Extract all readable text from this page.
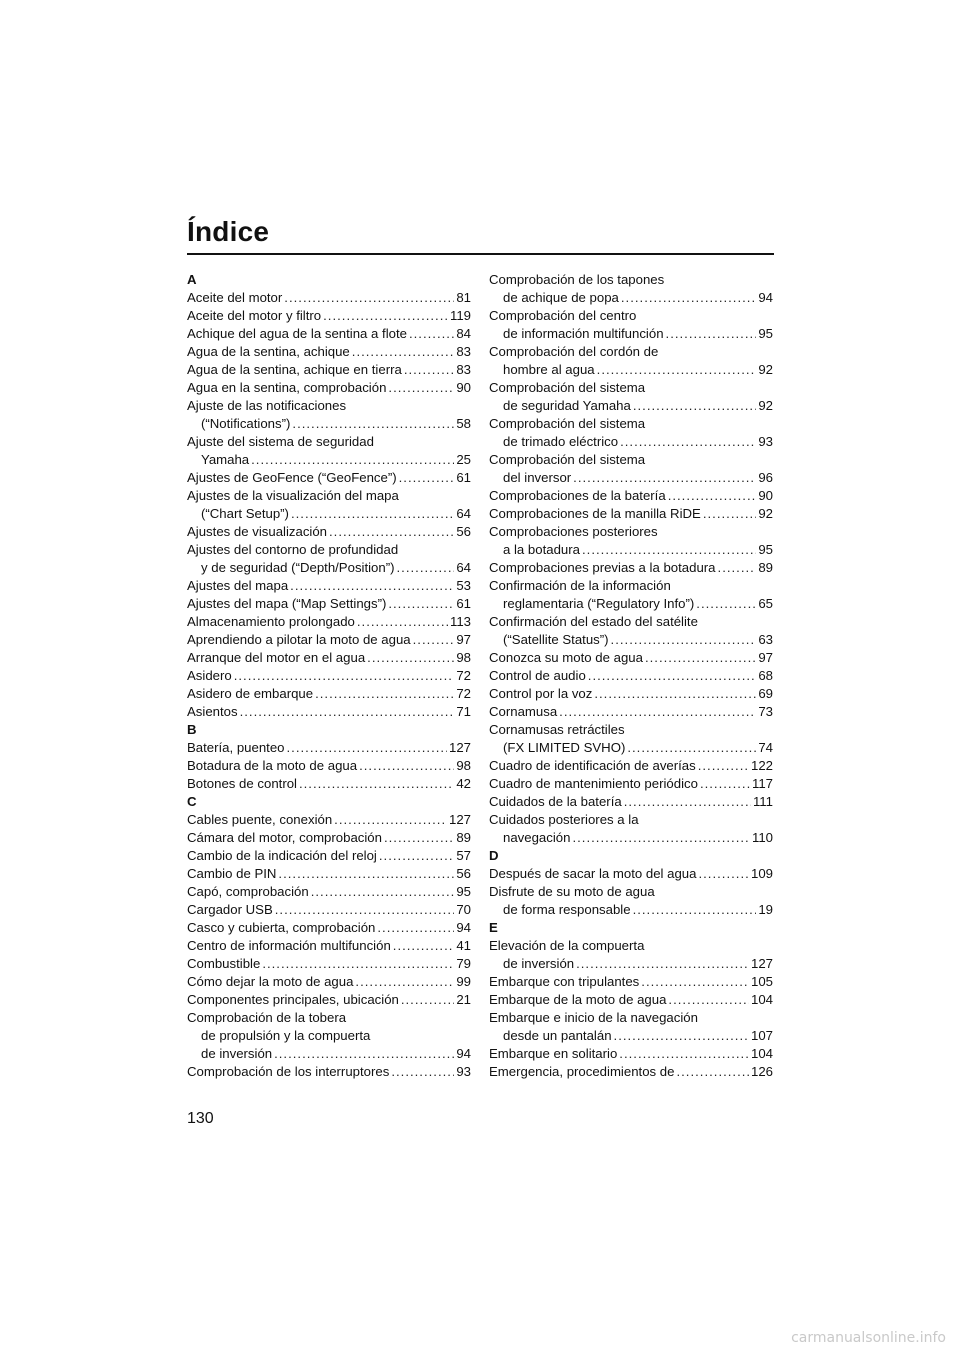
Índice
A
Aceite del motor .....	81
Aceite del motor y filtro .....	119
Achique del agua de la sentina a flote .....	84
Agua de la sentina, achique .....	83
Agua de la sentina, achique en tierra .....	83
Agua en la sentina, comprobación .....	90
Ajuste de las notificaciones
(“Notifications”) .....	58
Ajuste del sistema de seguridad
Yamaha .....	25
Ajustes de GeoFence (“GeoFence”) .....	61
Ajustes de la visualización del mapa
(“Chart Setup”) .....	64
Ajustes de visualización .....	56
Ajustes del contorno de profundidad
y de seguridad (“Depth/Position”) .....	64
Ajustes del mapa .....	53
Ajustes del mapa (“Map Settings”) .....	61
Almacenamiento prolongado .....	113
Aprendiendo a pilotar la moto de agua .....	97
Arranque del motor en el agua .....	98
Asidero .....	72
Asidero de embarque .....	72
Asientos .....	71
B
Batería, puenteo .....	127
Botadura de la moto de agua .....	98
Botones de control .....	42
C
Cables puente, conexión .....	127
Cámara del motor, comprobación .....	89
Cambio de la indicación del reloj .....	57
Cambio de PIN .....	56
Capó, comprobación .....	95
Cargador USB .....	70
Casco y cubierta, comprobación .....	94
Centro de información multifunción .....	41
Combustible .....	79
Cómo dejar la moto de agua .....	99
Componentes principales, ubicación .....	21
Comprobación de la tobera
de propulsión y la compuerta
de inversión .....	94
Comprobación de los interruptores .....	93
Comprobación de los tapones
de achique de popa .....	94
Comprobación del centro
de información multifunción .....	95
Comprobación del cordón de
hombre al agua .....	92
Comprobación del sistema
de seguridad Yamaha .....	92
Comprobación del sistema
de trimado eléctrico .....	93
Comprobación del sistema
del inversor .....	96
Comprobaciones de la batería .....	90
Comprobaciones de la manilla RiDE .....	92
Comprobaciones posteriores
a la botadura .....	95
Comprobaciones previas a la botadura .....	89
Confirmación de la información
reglamentaria (“Regulatory Info”) .....	65
Confirmación del estado del satélite
(“Satellite Status”) .....	63
Conozca su moto de agua .....	97
Control de audio .....	68
Control por la voz .....	69
Cornamusa .....	73
Cornamusas retráctiles
(FX LIMITED SVHO) .....	74
Cuadro de identificación de averías .....	122
Cuadro de mantenimiento periódico .....	117
Cuidados de la batería .....	111
Cuidados posteriores a la
navegación .....	110
D
Después de sacar la moto del agua .....	109
Disfrute de su moto de agua
de forma responsable .....	19
E
Elevación de la compuerta
de inversión .....	127
Embarque con tripulantes .....	105
Embarque de la moto de agua .....	104
Embarque e inicio de la navegación
desde un pantalán .....	107
Embarque en solitario .....	104
Emergencia, procedimientos de .....	126
130
carmanualsonline.info
